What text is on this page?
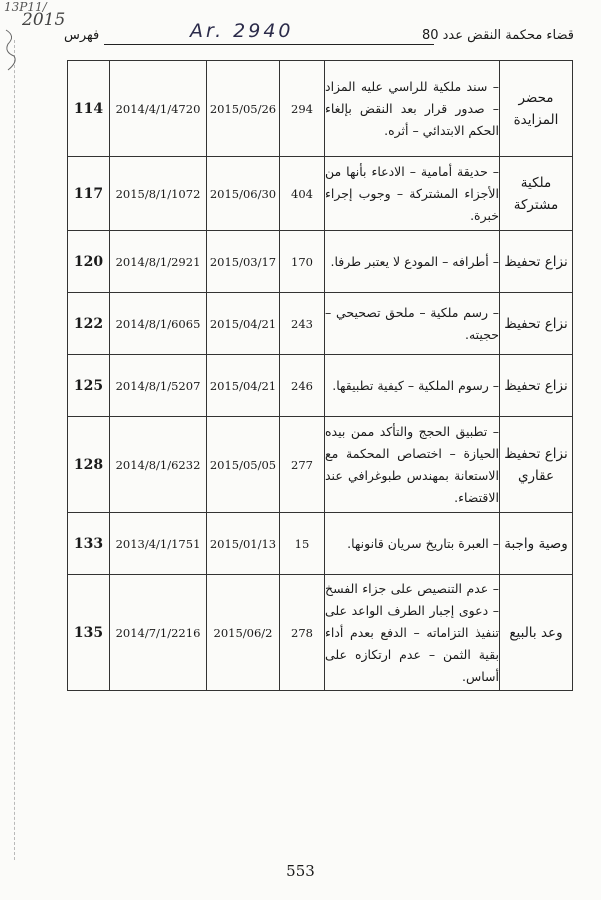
13P11/
2015	Ar. 2940	قضاء محكمة النقض عدد 80
فهرس
محضر المزايدة	– سند ملكية للراسي عليه المزاد – صدور قرار بعد النقض بإلغاء الحكم الابتدائي – أثره.	294	2015/05/26	2014/4/1/4720	114
ملكية مشتركة	– حديقة أمامية – الادعاء بأنها من الأجزاء المشتركة – وجوب إجراء خبرة.	404	2015/06/30	2015/8/1/1072	117
نزاع تحفيظ	– أطرافه – المودع لا يعتبر طرفا.	170	2015/03/17	2014/8/1/2921	120
نزاع تحفيظ	– رسم ملكية – ملحق تصحيحي – حجيته.	243	2015/04/21	2014/8/1/6065	122
نزاع تحفيظ	– رسوم الملكية – كيفية تطبيقها.	246	2015/04/21	2014/8/1/5207	125
نزاع تحفيظ عقاري	– تطبيق الحجج والتأكد ممن بيده الحيازة – اختصاص المحكمة مع الاستعانة بمهندس طبوغرافي عند الاقتضاء.	277	2015/05/05	2014/8/1/6232	128
وصية واجبة	– العبرة بتاريخ سريان قانونها.	15	2015/01/13	2013/4/1/1751	133
وعد بالبيع	– عدم التنصيص على جزاء الفسخ – دعوى إجبار الطرف الواعد على تنفيذ التزاماته – الدفع بعدم أداء بقية الثمن – عدم ارتكازه على أساس.	278	2015/06/2	2014/7/1/2216	135
553
